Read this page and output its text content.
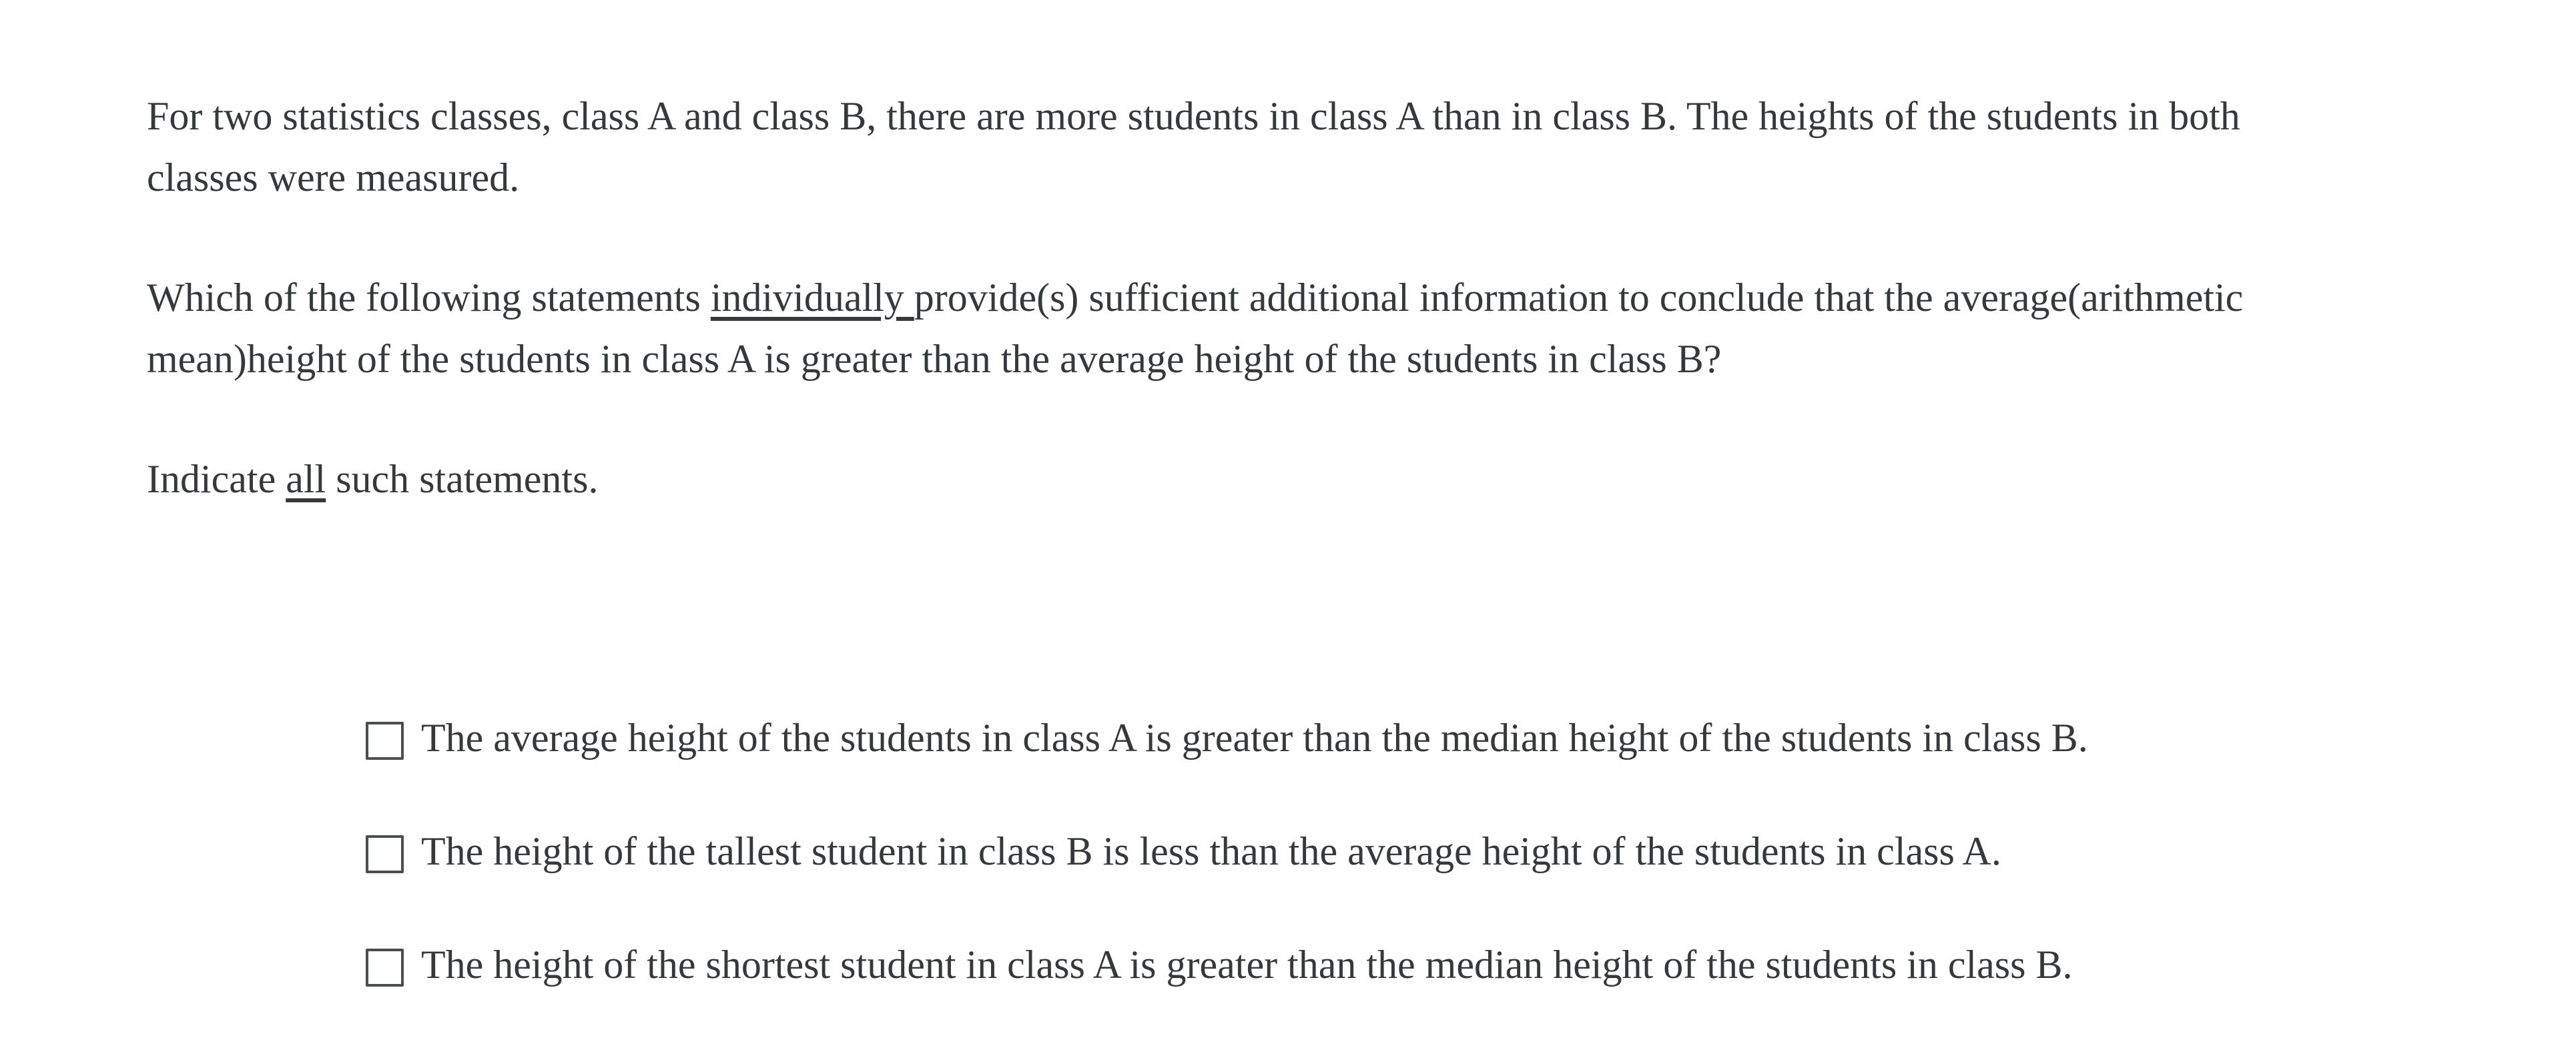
For two statistics classes, class A and class B, there are more students in class A than in class B. The heights of the students in both
classes were measured.
Which of the following statements individually provide(s) sufficient additional information to conclude that the average(arithmetic
mean)height of the students in class A is greater than the average height of the students in class B?
Indicate all such statements.
The average height of the students in class A is greater than the median height of the students in class B.
The height of the tallest student in class B is less than the average height of the students in class A.
The height of the shortest student in class A is greater than the median height of the students in class B.
